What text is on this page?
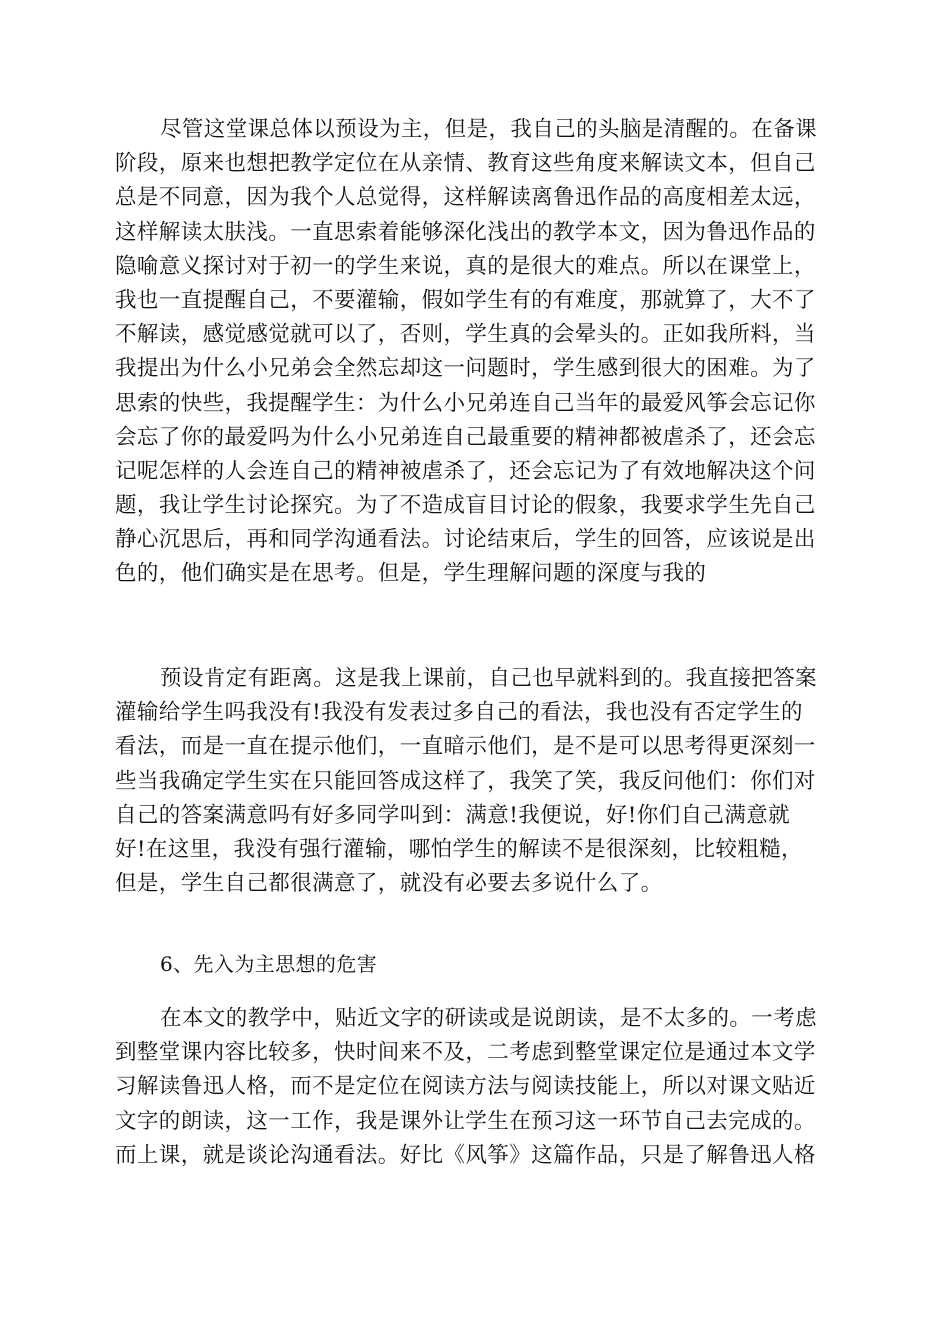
尽管这堂课总体以预设为主，但是，我自己的头脑是清醒的。在备课
阶段，原来也想把教学定位在从亲情、教育这些角度来解读文本，但自己
总是不同意，因为我个人总觉得，这样解读离鲁迅作品的高度相差太远，
这样解读太肤浅。一直思索着能够深化浅出的教学本文，因为鲁迅作品的
隐喻意义探讨对于初一的学生来说，真的是很大的难点。所以在课堂上，
我也一直提醒自己，不要灌输，假如学生有的有难度，那就算了，大不了
不解读，感觉感觉就可以了，否则，学生真的会晕头的。正如我所料，当
我提出为什么小兄弟会全然忘却这一问题时，学生感到很大的困难。为了
思索的快些，我提醒学生：为什么小兄弟连自己当年的最爱风筝会忘记你
会忘了你的最爱吗为什么小兄弟连自己最重要的精神都被虐杀了，还会忘
记呢怎样的人会连自己的精神被虐杀了，还会忘记为了有效地解决这个问
题，我让学生讨论探究。为了不造成盲目讨论的假象，我要求学生先自己
静心沉思后，再和同学沟通看法。讨论结束后，学生的回答，应该说是出
色的，他们确实是在思考。但是，学生理解问题的深度与我的
预设肯定有距离。这是我上课前，自己也早就料到的。我直接把答案
灌输给学生吗我没有!我没有发表过多自己的看法，我也没有否定学生的
看法，而是一直在提示他们，一直暗示他们，是不是可以思考得更深刻一
些当我确定学生实在只能回答成这样了，我笑了笑，我反问他们：你们对
自己的答案满意吗有好多同学叫到：满意!我便说，好!你们自己满意就
好!在这里，我没有强行灌输，哪怕学生的解读不是很深刻，比较粗糙，
但是，学生自己都很满意了，就没有必要去多说什么了。
6、先入为主思想的危害
在本文的教学中，贴近文字的研读或是说朗读，是不太多的。一考虑
到整堂课内容比较多，快时间来不及，二考虑到整堂课定位是通过本文学
习解读鲁迅人格，而不是定位在阅读方法与阅读技能上，所以对课文贴近
文字的朗读，这一工作，我是课外让学生在预习这一环节自己去完成的。
而上课，就是谈论沟通看法。好比《风筝》这篇作品，只是了解鲁迅人格
